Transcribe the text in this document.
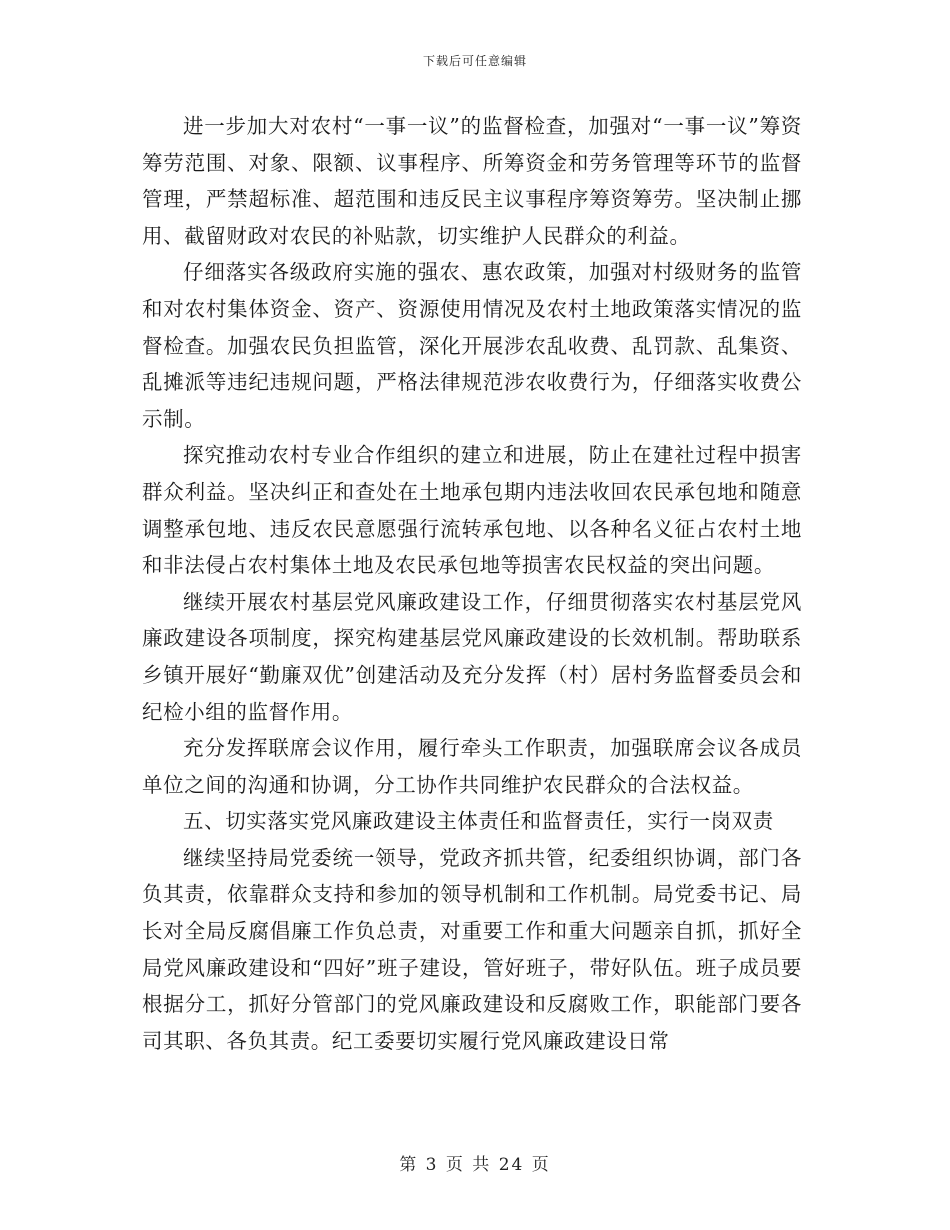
下载后可任意编辑

进一步加大对农村“一事一议”的监督检查，加强对“一事一议”筹资筹劳范围、对象、限额、议事程序、所筹资金和劳务管理等环节的监督管理，严禁超标准、超范围和违反民主议事程序筹资筹劳。坚决制止挪用、截留财政对农民的补贴款，切实维护人民群众的利益。

仔细落实各级政府实施的强农、惠农政策，加强对村级财务的监管和对农村集体资金、资产、资源使用情况及农村土地政策落实情况的监督检查。加强农民负担监管，深化开展涉农乱收费、乱罚款、乱集资、乱摊派等违纪违规问题，严格法律规范涉农收费行为，仔细落实收费公示制。

探究推动农村专业合作组织的建立和进展，防止在建社过程中损害群众利益。坚决纠正和查处在土地承包期内违法收回农民承包地和随意调整承包地、违反农民意愿强行流转承包地、以各种名义征占农村土地和非法侵占农村集体土地及农民承包地等损害农民权益的突出问题。

继续开展农村基层党风廉政建设工作，仔细贯彻落实农村基层党风廉政建设各项制度，探究构建基层党风廉政建设的长效机制。帮助联系乡镇开展好“勤廉双优”创建活动及充分发挥（村）居村务监督委员会和纪检小组的监督作用。

充分发挥联席会议作用，履行牵头工作职责，加强联席会议各成员单位之间的沟通和协调，分工协作共同维护农民群众的合法权益。

五、切实落实党风廉政建设主体责任和监督责任，实行一岗双责

继续坚持局党委统一领导，党政齐抓共管，纪委组织协调，部门各负其责，依靠群众支持和参加的领导机制和工作机制。局党委书记、局长对全局反腐倡廉工作负总责，对重要工作和重大问题亲自抓，抓好全局党风廉政建设和“四好”班子建设，管好班子，带好队伍。班子成员要根据分工，抓好分管部门的党风廉政建设和反腐败工作，职能部门要各司其职、各负其责。纪工委要切实履行党风廉政建设日常

第 3 页 共 24 页
